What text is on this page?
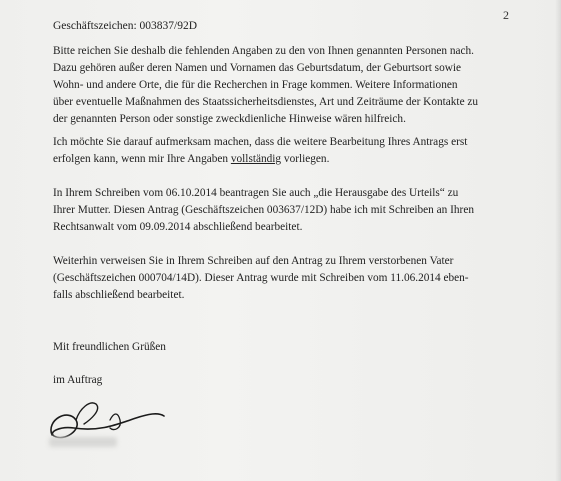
2
Geschäftszeichen: 003837/92D

Bitte reichen Sie deshalb die fehlenden Angaben zu den von Ihnen genannten Personen nach.
Dazu gehören außer deren Namen und Vornamen das Geburtsdatum, der Geburtsort sowie
Wohn- und andere Orte, die für die Recherchen in Frage kommen. Weitere Informationen
über eventuelle Maßnahmen des Staatssicherheitsdienstes, Art und Zeiträume der Kontakte zu
der genannten Person oder sonstige zweckdienliche Hinweise wären hilfreich.

Ich möchte Sie darauf aufmerksam machen, dass die weitere Bearbeitung Ihres Antrags erst
erfolgen kann, wenn mir Ihre Angaben vollständig vorliegen.

In Ihrem Schreiben vom 06.10.2014 beantragen Sie auch „die Herausgabe des Urteils“ zu
Ihrer Mutter. Diesen Antrag (Geschäftszeichen 003637/12D) habe ich mit Schreiben an Ihren
Rechtsanwalt vom 09.09.2014 abschließend bearbeitet.

Weiterhin verweisen Sie in Ihrem Schreiben auf den Antrag zu Ihrem verstorbenen Vater
(Geschäftszeichen 000704/14D). Dieser Antrag wurde mit Schreiben vom 11.06.2014 eben-
falls abschließend bearbeitet.

Mit freundlichen Grüßen
im Auftrag
